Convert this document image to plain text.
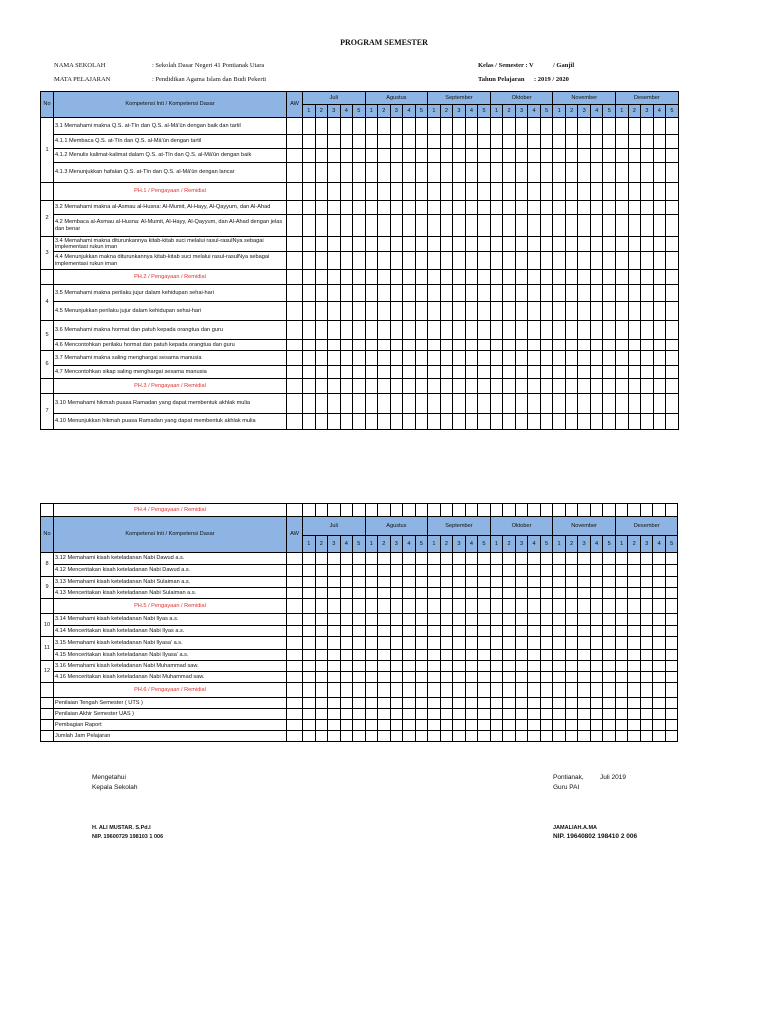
PROGRAM SEMESTER
NAMA SEKOLAH	: Sekolah Dasar Negeri 41 Pontianak Utara
MATA PELAJARAN	: Pendidikan Agama Islam dan Budi Pekerti
Kelas / Semester : V	/ Ganjil
Tahun Pelajaran : 2019 / 2020
No	Kompetensi Inti / Kompetensi Dasar	AW	Juli					Agustus					September					Oktober					November					Desember				
			1	2	3	4	5	1	2	3	4	5	1	2	3	4	5	1	2	3	4	5	1	2	3	4	5	1	2	3	4	5
1	3.1 Memahami makna Q.S. at-Tīn dan Q.S. al-Mā'ūn dengan baik dan tartil																															
	4.1.1 Membaca Q.S. at-Tīn dan Q.S. al-Mā'ūn dengan tartil																															
	4.1.2 Menulis kalimat-kalimat dalam Q.S. at-Tīn dan Q.S. al-Mā'ūn dengan baik																															
	4.1.3 Menunjukkan hafalan Q.S. at-Tīn dan Q.S. al-Mā'ūn dengan lancar																															
	PH.1 / Pengayaan / Remidial																															
2	3.2 Memahami makna al-Asmau al-Husna: Al-Mumit, Al-Hayy, Al-Qayyum, dan Al-Ahad																															
	4.2 Membaca al-Asmau al-Husna: Al-Mumit, Al-Hayy, Al-Qayyum, dan Al-Ahad dengan jelas dan benar																															
3	3.4 Memahami makna diturunkannya kitab-kitab suci melalui rasul-rasulNya sebagai implementasi rukun iman																															
	4.4 Menunjukkan makna diturunkannya kitab-kitab suci melalui rasul-rasulNya sebagai implementasi rukun iman																															
	PH.2 / Pengayaan / Remidial																															
4	3.5 Memahami makna perilaku jujur dalam kehidupan sehai-hari																															
	4.5 Menunjukkan perilaku jujur dalam kehidupan sehai-hari																															
5	3.6 Memahami makna hormat dan patuh kepada orangtua dan guru																															
	4.6 Mencontohkan perilaku hormat dan patuh kepada orangtua dan guru																															
6	3.7 Memahami makna saling menghargai sesama manusia																															
	4.7 Mencontohkan sikap saling menghargai sesama manusia																															
	PH.3 / Pengayaan / Remidial																															
7	3.10 Memahami hikmah puasa Ramadan yang dapat membentuk akhlak mulia																															
	4.10 Menunjukkan hikmah puasa Ramadan yang dapat membentuk akhlak mulia																															
	PH.4 / Pengayaan / Remidial																															
No	Kompetensi Inti / Kompetensi Dasar	AW	Juli					Agustus					September					Oktober					November					Desember				
			1	2	3	4	5	1	2	3	4	5	1	2	3	4	5	1	2	3	4	5	1	2	3	4	5	1	2	3	4	5
8	3.12 Memahami kisah keteladanan Nabi Dawud a.s.																															
	4.12 Menceritakan kisah keteladanan Nabi Dawud a.s.																															
9	3.13 Memahami kisah keteladanan Nabi Sulaiman a.s.																															
	4.13 Menceritakan kisah keteladanan Nabi Sulaiman a.s.																															
	PH.5 / Pengayaan / Remidial																															
10	3.14 Memahami kisah keteladanan Nabi Ilyas a.s.																															
	4.14 Menceritakan kisah keteladanan Nabi Ilyas a.s.																															
11	3.15 Memahami kisah keteladanan Nabi Ilyasa' a.s.																															
	4.15 Menceritakan kisah keteladanan Nabi Ilyasa' a.s.																															
12	3.16 Memahami kisah keteladanan Nabi Muhammad saw.																															
	4.16 Menceritakan kisah keteladanan Nabi Muhammad saw.																															
	PH.6 / Pengayaan / Remidial																															
	Penilaian Tengah Semester ( UTS )																															
	Penilaian Akhir Semester UAS )																															
	Pembagian Raport																															
	Jumlah Jam Pelajaran																															
Mengetahui
Kepala Sekolah
H. ALI MUSTAR. S.Pd.I
NIP. 19600729 198103 1 006
Pontianak,	Juli 2019
Guru PAI
JAMALIAH.A.MA
NIP. 19640802 198410 2 006
